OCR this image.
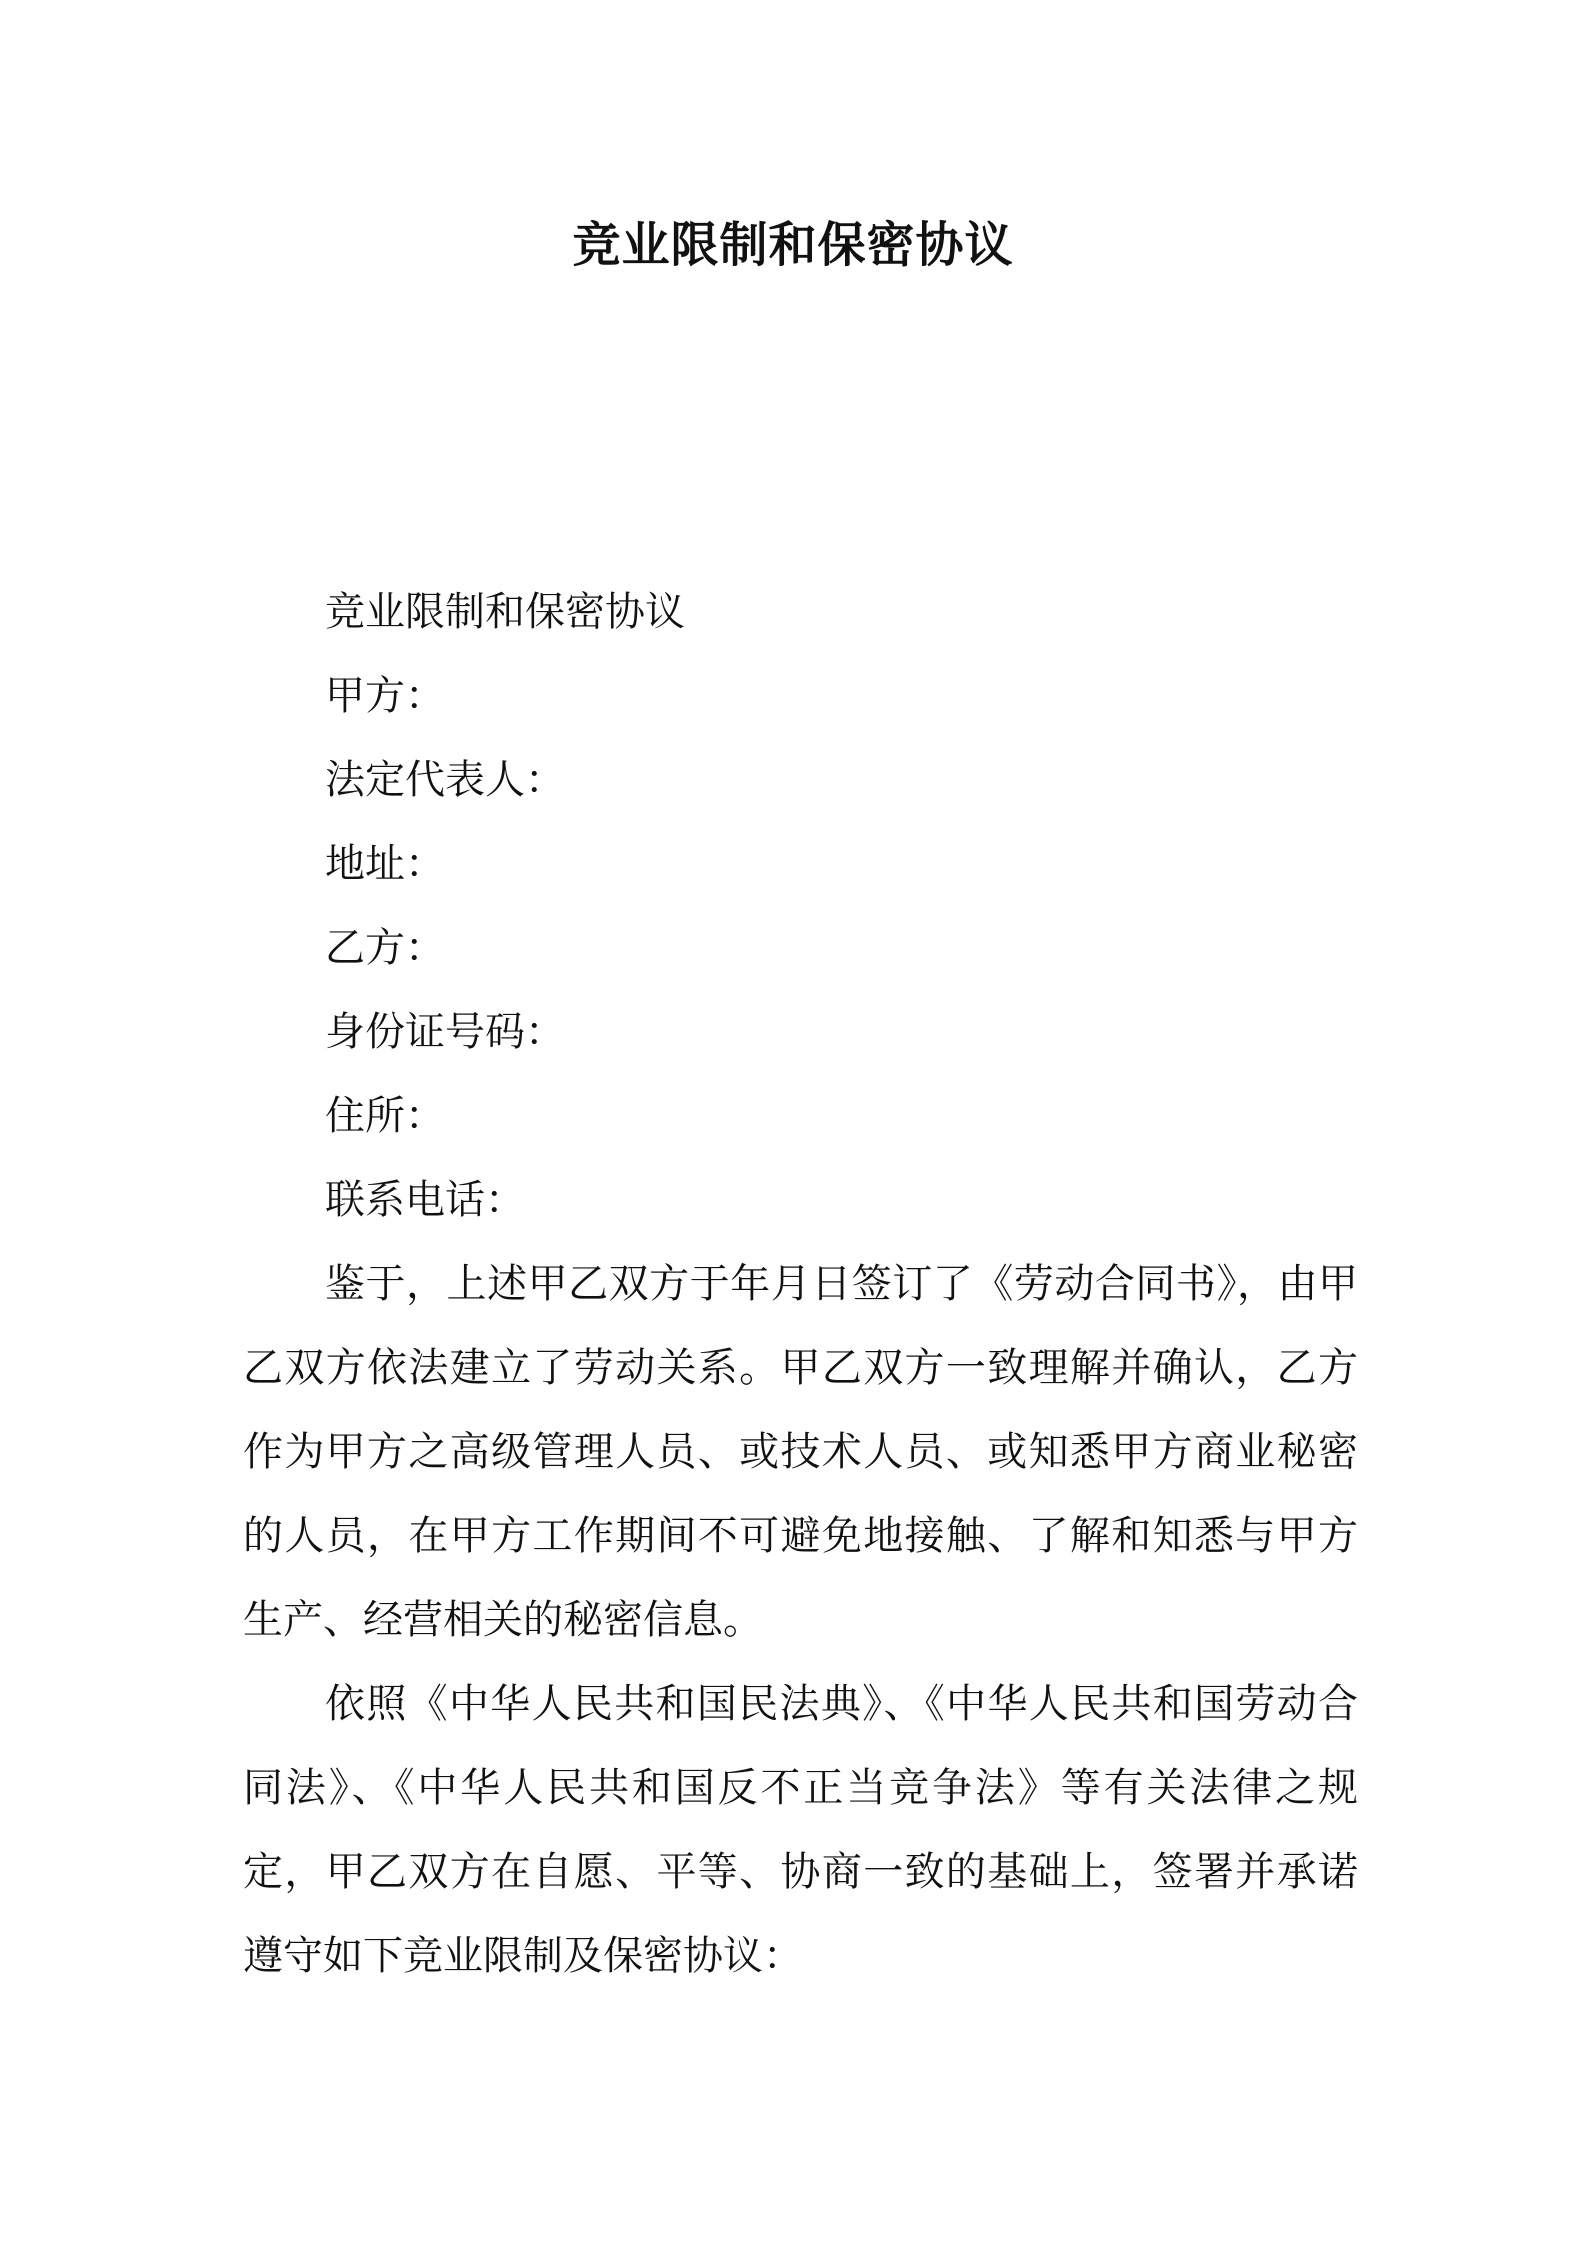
竞业限制和保密协议
竞业限制和保密协议
甲方：
法定代表人：
地址：
乙方：
身份证号码：
住所：
联系电话：

鉴于，上述甲乙双方于年月日签订了《劳动合同书》，由甲乙双方依法建立了劳动关系。甲乙双方一致理解并确认，乙方作为甲方之高级管理人员、或技术人员、或知悉甲方商业秘密的人员，在甲方工作期间不可避免地接触、了解和知悉与甲方生产、经营相关的秘密信息。

依照《中华人民共和国民法典》、《中华人民共和国劳动合同法》、《中华人民共和国反不正当竞争法》等有关法律之规定，甲乙双方在自愿、平等、协商一致的基础上，签署并承诺遵守如下竞业限制及保密协议：
